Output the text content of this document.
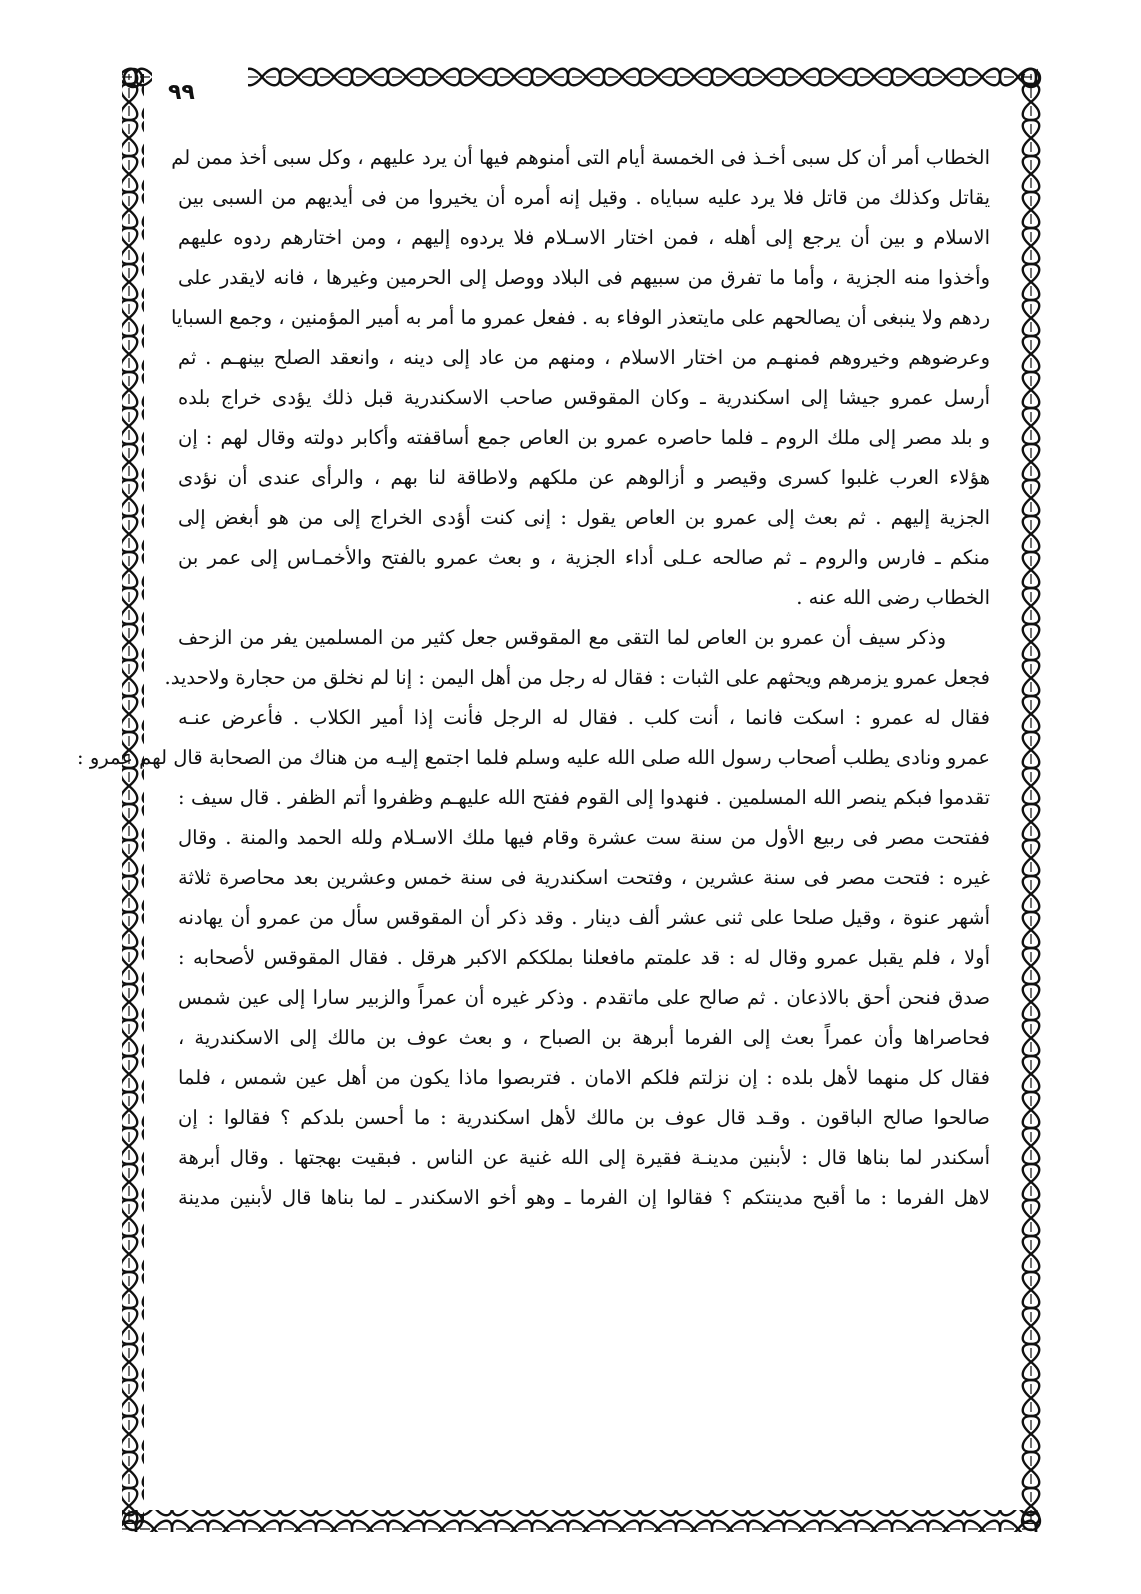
٩٩
الخطاب أمر أن كل سبى أخـذ فى الخمسة أيام التى أمنوهم فيها أن يرد عليهم ، وكل سبى أخذ ممن لم
يقاتل وكذلك من قاتل فلا يرد عليه سباياه . وقيل إنه أمره أن يخيروا من فى أيديهم من السبى بين
الاسلام و بين أن يرجع إلى أهله ، فمن اختار الاسـلام فلا يردوه إليهم ، ومن اختارهم ردوه عليهم
وأخذوا منه الجزية ، وأما ما تفرق من سبيهم فى البلاد ووصل إلى الحرمين وغيرها ، فانه لايقدر على
ردهم ولا ينبغى أن يصالحهم على مايتعذر الوفاء به . ففعل عمرو ما أمر به أمير المؤمنين ، وجمع السبايا
وعرضوهم وخيروهم فمنهـم من اختار الاسلام ، ومنهم من عاد إلى دينه ، وانعقد الصلح بينهـم . ثم
أرسل عمرو جيشا إلى اسكندرية ـ وكان المقوقس صاحب الاسكندرية قبل ذلك يؤدى خراج بلده
و بلد مصر إلى ملك الروم ـ فلما حاصره عمرو بن العاص جمع أساقفته وأكابر دولته وقال لهم : إن
هؤلاء العرب غلبوا كسرى وقيصر و أزالوهم عن ملكهم ولاطاقة لنا بهم ، والرأى عندى أن نؤدى
الجزية إليهم . ثم بعث إلى عمرو بن العاص يقول : إنى كنت أؤدى الخراج إلى من هو أبغض إلى
منكم ـ فارس والروم ـ ثم صالحه عـلى أداء الجزية ، و بعث عمرو بالفتح والأخمـاس إلى عمر بن
الخطاب رضى الله عنه .
وذكر سيف أن عمرو بن العاص لما التقى مع المقوقس جعل كثير من المسلمين يفر من الزحف
فجعل عمرو يزمرهم ويحثهم على الثبات : فقال له رجل من أهل اليمن : إنا لم نخلق من حجارة ولاحديد.
فقال له عمرو : اسكت فانما ، أنت كلب . فقال له الرجل فأنت إذا أمير الكلاب . فأعرض عنـه
عمرو ونادى يطلب أصحاب رسول الله صلى الله عليه وسلم فلما اجتمع إليـه من هناك من الصحابة قال لهم عمرو :
تقدموا فبكم ينصر الله المسلمين . فنهدوا إلى القوم ففتح الله عليهـم وظفروا أتم الظفر . قال سيف :
ففتحت مصر فى ربيع الأول من سنة ست عشرة وقام فيها ملك الاسـلام ولله الحمد والمنة . وقال
غيره : فتحت مصر فى سنة عشرين ، وفتحت اسكندرية فى سنة خمس وعشرين بعد محاصرة ثلاثة
أشهر عنوة ، وقيل صلحا على ثنى عشر ألف دينار . وقد ذكر أن المقوقس سأل من عمرو أن يهادنه
أولا ، فلم يقبل عمرو وقال له : قد علمتم مافعلنا بملككم الاكبر هرقل . فقال المقوقس لأصحابه :
صدق فنحن أحق بالاذعان . ثم صالح على ماتقدم . وذكر غيره أن عمراً والزبير سارا إلى عين شمس
فحاصراها وأن عمراً بعث إلى الفرما أبرهة بن الصباح ، و بعث عوف بن مالك إلى الاسكندرية ،
فقال كل منهما لأهل بلده : إن نزلتم فلكم الامان . فتربصوا ماذا يكون من أهل عين شمس ، فلما
صالحوا صالح الباقون . وقـد قال عوف بن مالك لأهل اسكندرية : ما أحسن بلدكم ؟ فقالوا : إن
أسكندر لما بناها قال : لأبنين مدينـة فقيرة إلى الله غنية عن الناس . فبقيت بهجتها . وقال أبرهة
لاهل الفرما : ما أقبح مدينتكم ؟ فقالوا إن الفرما ـ وهو أخو الاسكندر ـ لما بناها قال لأبنين مدينة
